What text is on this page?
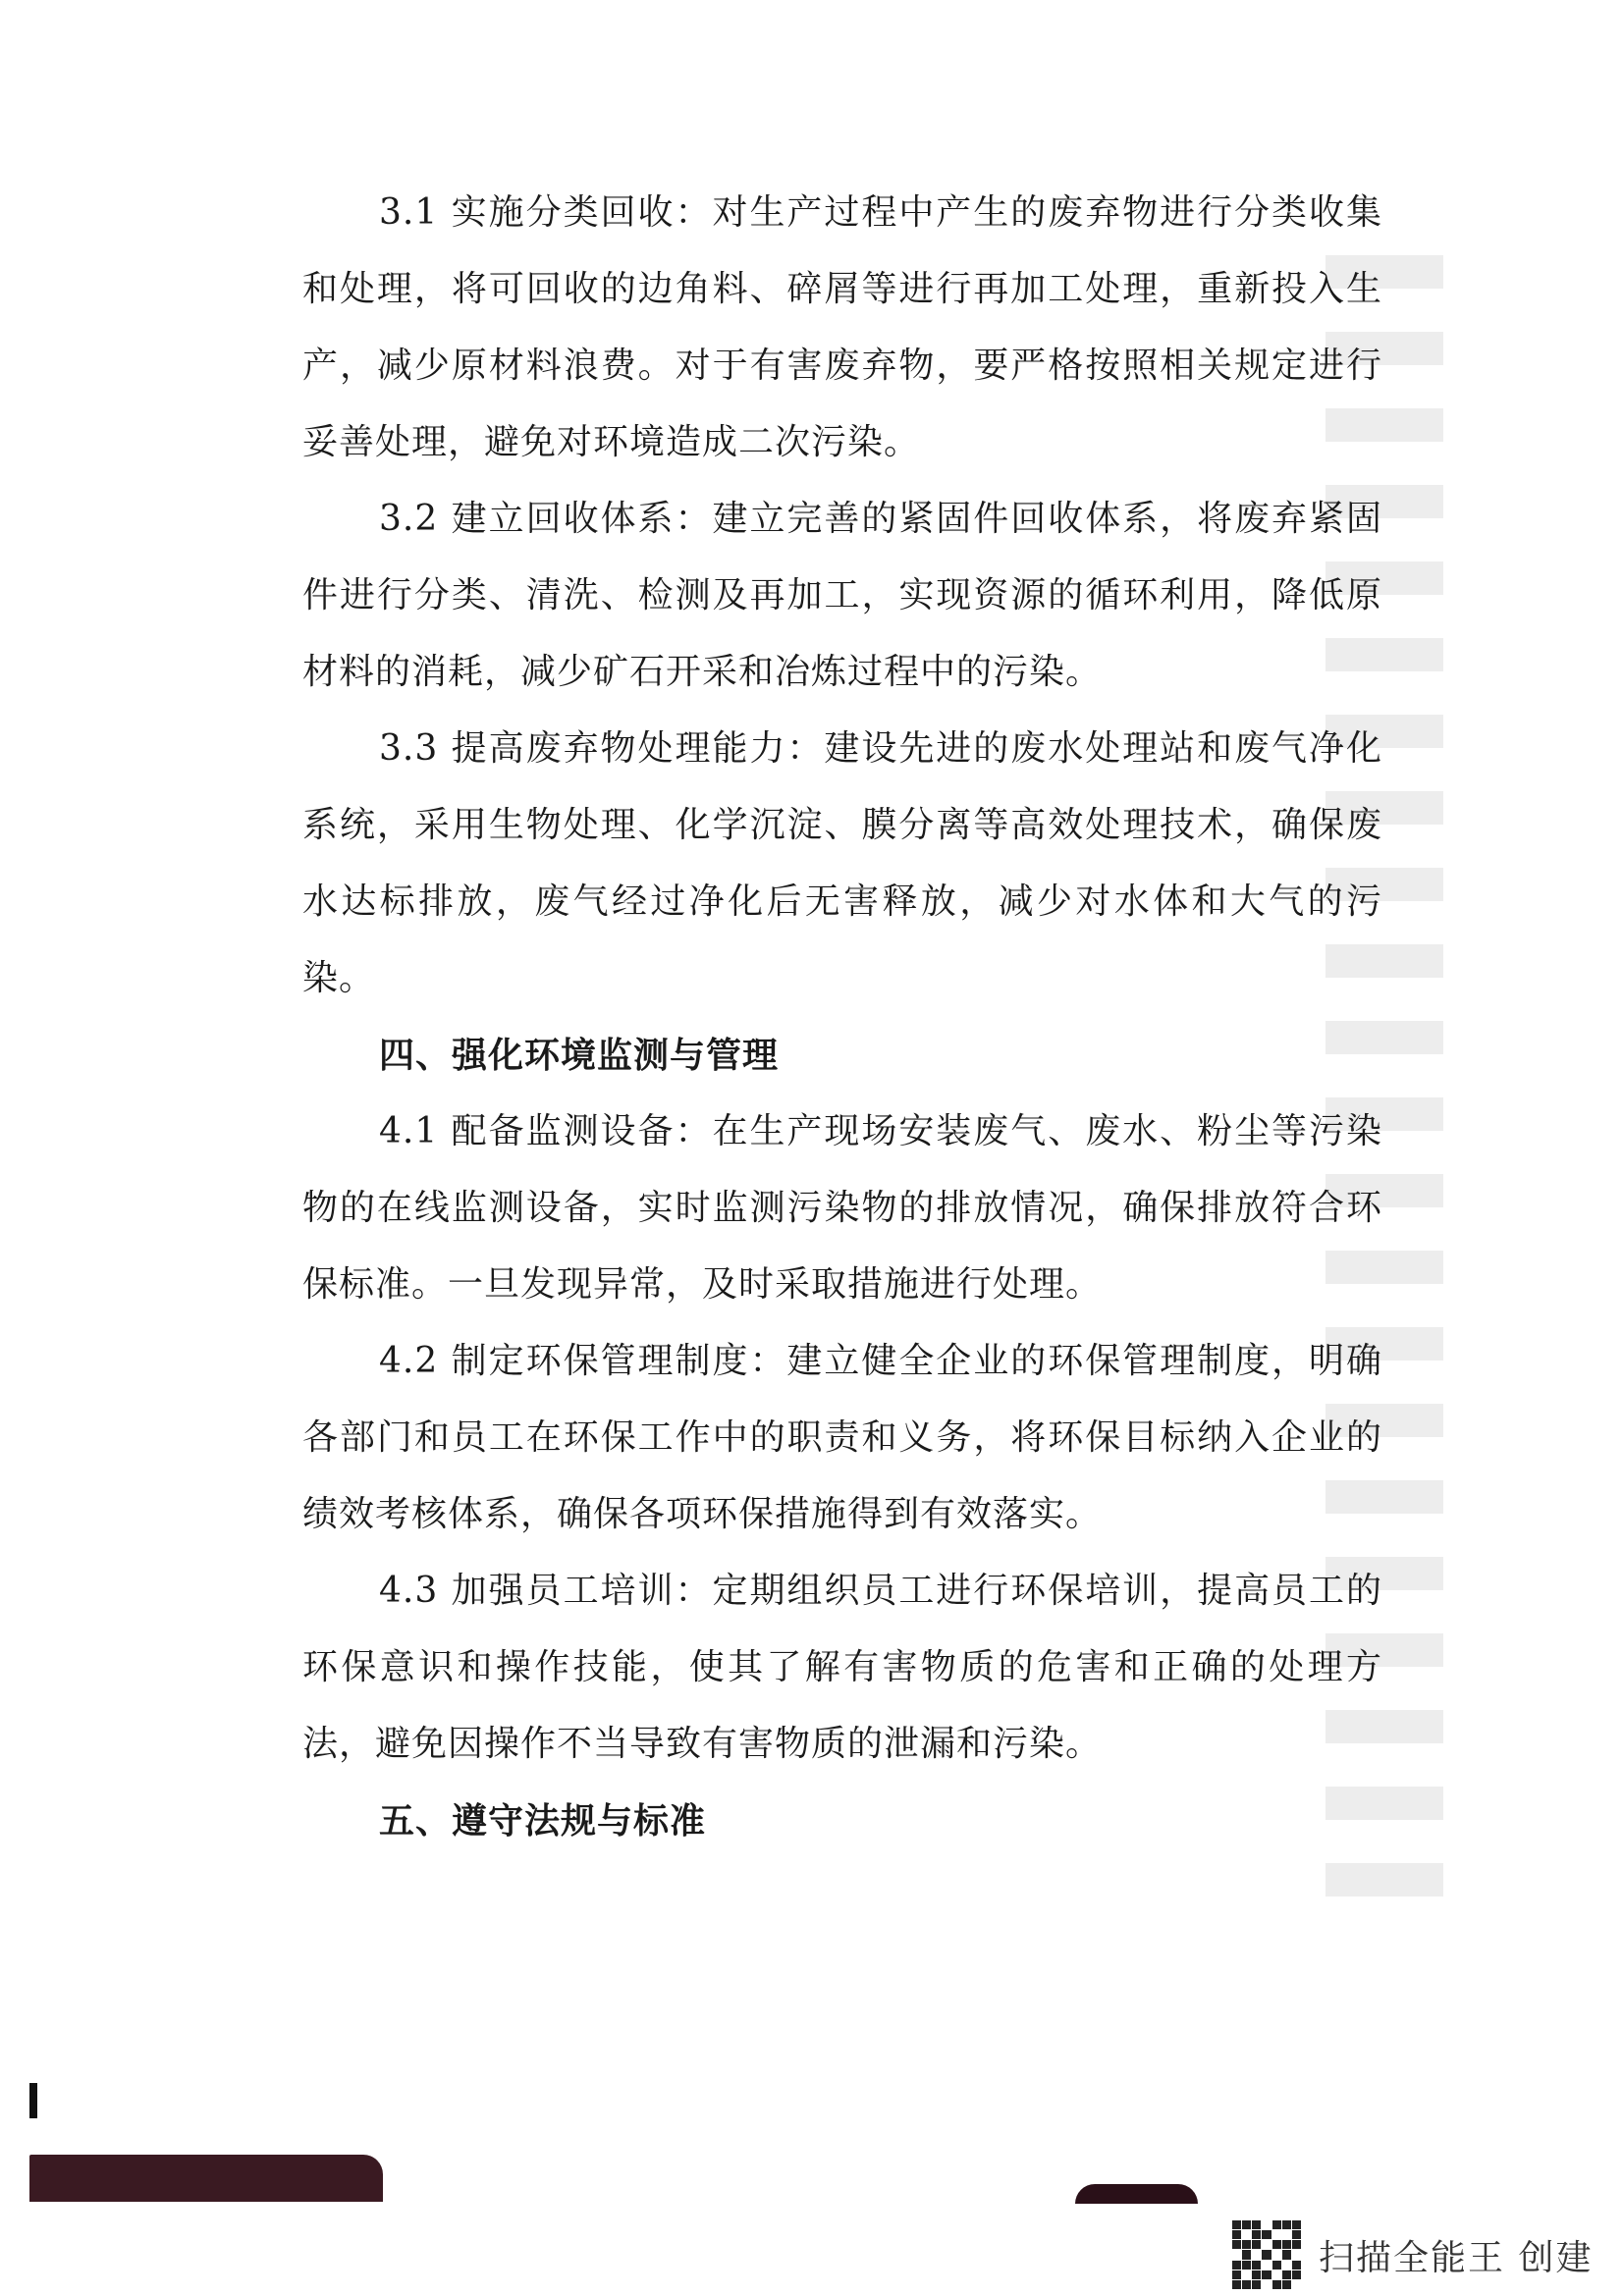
3.1 实施分类回收：对生产过程中产生的废弃物进行分类收集和处理，将可回收的边角料、碎屑等进行再加工处理，重新投入生产，减少原材料浪费。对于有害废弃物，要严格按照相关规定进行妥善处理，避免对环境造成二次污染。

3.2 建立回收体系：建立完善的紧固件回收体系，将废弃紧固件进行分类、清洗、检测及再加工，实现资源的循环利用，降低原材料的消耗，减少矿石开采和冶炼过程中的污染。

3.3 提高废弃物处理能力：建设先进的废水处理站和废气净化系统，采用生物处理、化学沉淀、膜分离等高效处理技术，确保废水达标排放，废气经过净化后无害释放，减少对水体和大气的污染。

四、强化环境监测与管理

4.1 配备监测设备：在生产现场安装废气、废水、粉尘等污染物的在线监测设备，实时监测污染物的排放情况，确保排放符合环保标准。一旦发现异常，及时采取措施进行处理。

4.2 制定环保管理制度：建立健全企业的环保管理制度，明确各部门和员工在环保工作中的职责和义务，将环保目标纳入企业的绩效考核体系，确保各项环保措施得到有效落实。

4.3 加强员工培训：定期组织员工进行环保培训，提高员工的环保意识和操作技能，使其了解有害物质的危害和正确的处理方法，避免因操作不当导致有害物质的泄漏和污染。

五、遵守法规与标准

扫描全能王 创建
